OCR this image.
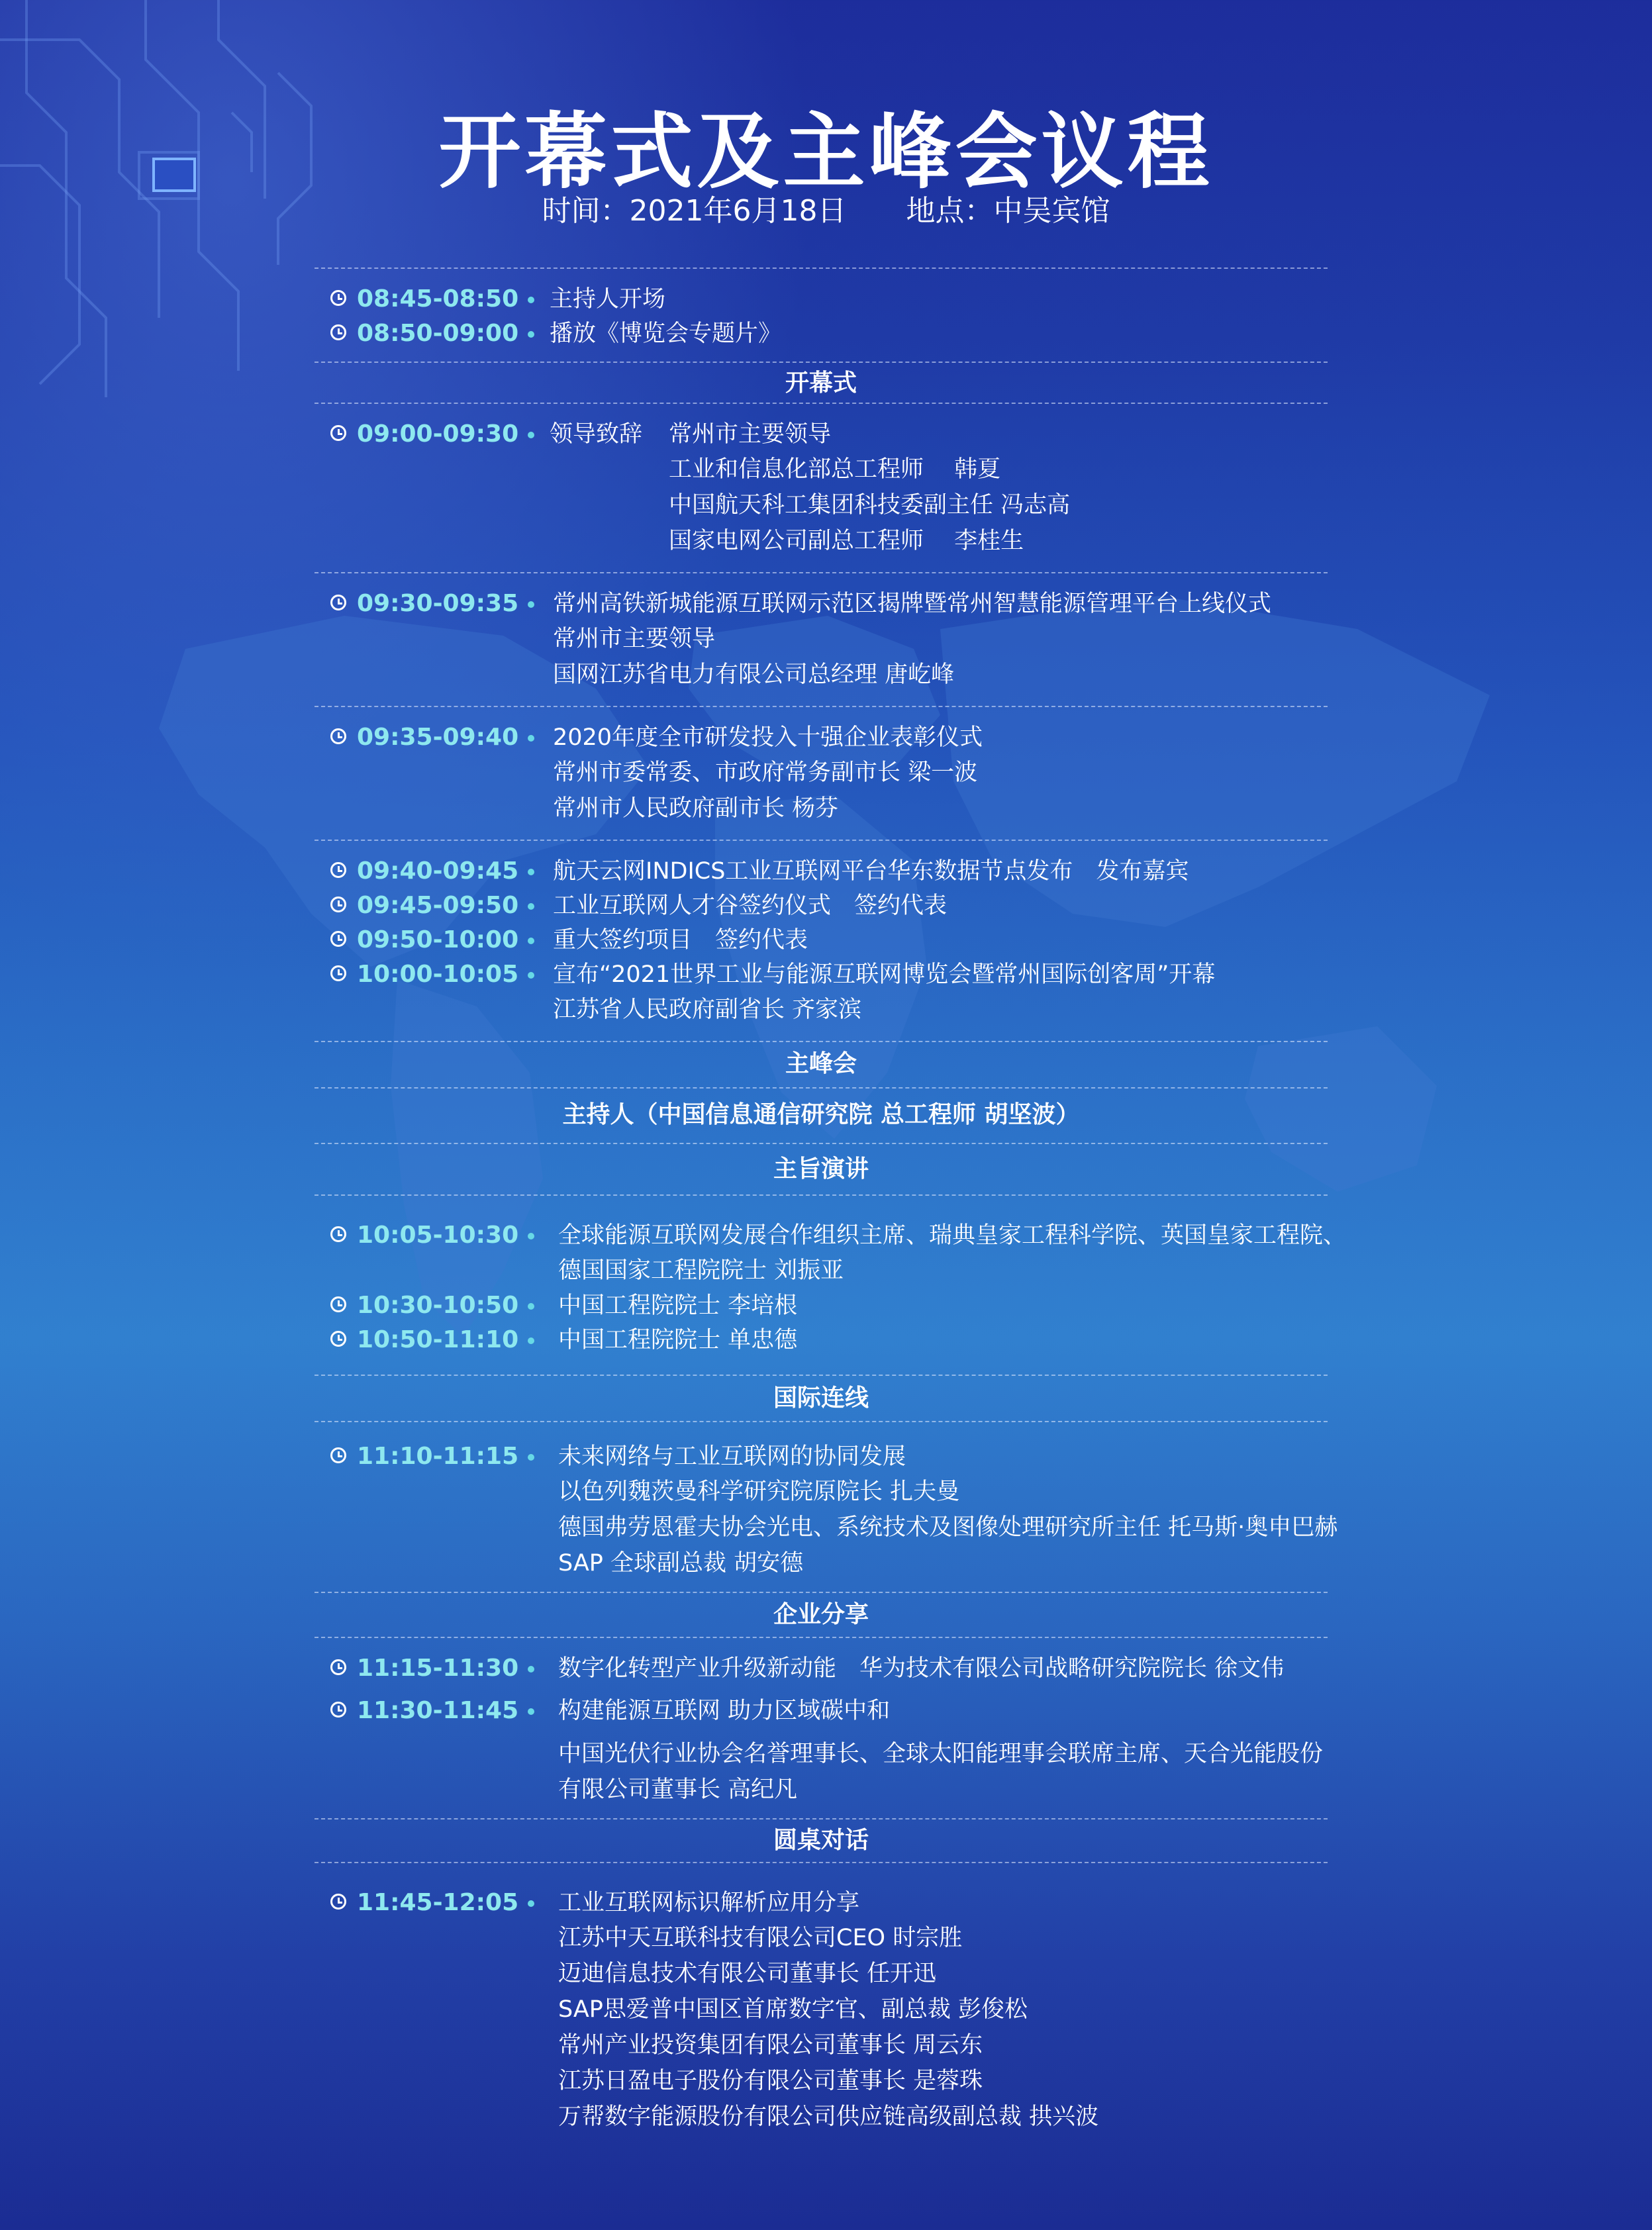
开幕式及主峰会议程
时间：2021年6月18日 地点：中吴宾馆
08:45-08:50 主持人开场
08:50-09:00 播放《博览会专题片》
开幕式
09:00-09:30 领导致辞 常州市主要领导
工业和信息化部总工程师　 韩夏
中国航天科工集团科技委副主任 冯志高
国家电网公司副总工程师　 李桂生
09:30-09:35 常州高铁新城能源互联网示范区揭牌暨常州智慧能源管理平台上线仪式
常州市主要领导
国网江苏省电力有限公司总经理 唐屹峰
09:35-09:40 2020年度全市研发投入十强企业表彰仪式
常州市委常委、市政府常务副市长 梁一波
常州市人民政府副市长 杨芬
09:40-09:45 航天云网INDICS工业互联网平台华东数据节点发布　发布嘉宾
09:45-09:50 工业互联网人才谷签约仪式　签约代表
09:50-10:00 重大签约项目　签约代表
10:00-10:05 宣布“2021世界工业与能源互联网博览会暨常州国际创客周”开幕
江苏省人民政府副省长 齐家滨
主峰会
主持人（中国信息通信研究院 总工程师 胡坚波）
主旨演讲
10:05-10:30 全球能源互联网发展合作组织主席、瑞典皇家工程科学院、英国皇家工程院、
德国国家工程院院士 刘振亚
10:30-10:50 中国工程院院士 李培根
10:50-11:10 中国工程院院士 单忠德
国际连线
11:10-11:15 未来网络与工业互联网的协同发展
以色列魏茨曼科学研究院原院长 扎夫曼
德国弗劳恩霍夫协会光电、系统技术及图像处理研究所主任 托马斯·奥申巴赫
SAP 全球副总裁 胡安德
企业分享
11:15-11:30 数字化转型产业升级新动能　华为技术有限公司战略研究院院长 徐文伟
11:30-11:45 构建能源互联网 助力区域碳中和
中国光伏行业协会名誉理事长、全球太阳能理事会联席主席、天合光能股份
有限公司董事长 高纪凡
圆桌对话
11:45-12:05 工业互联网标识解析应用分享
江苏中天互联科技有限公司CEO 时宗胜
迈迪信息技术有限公司董事长 任开迅
SAP思爱普中国区首席数字官、副总裁 彭俊松
常州产业投资集团有限公司董事长 周云东
江苏日盈电子股份有限公司董事长 是蓉珠
万帮数字能源股份有限公司供应链高级副总裁 拱兴波
